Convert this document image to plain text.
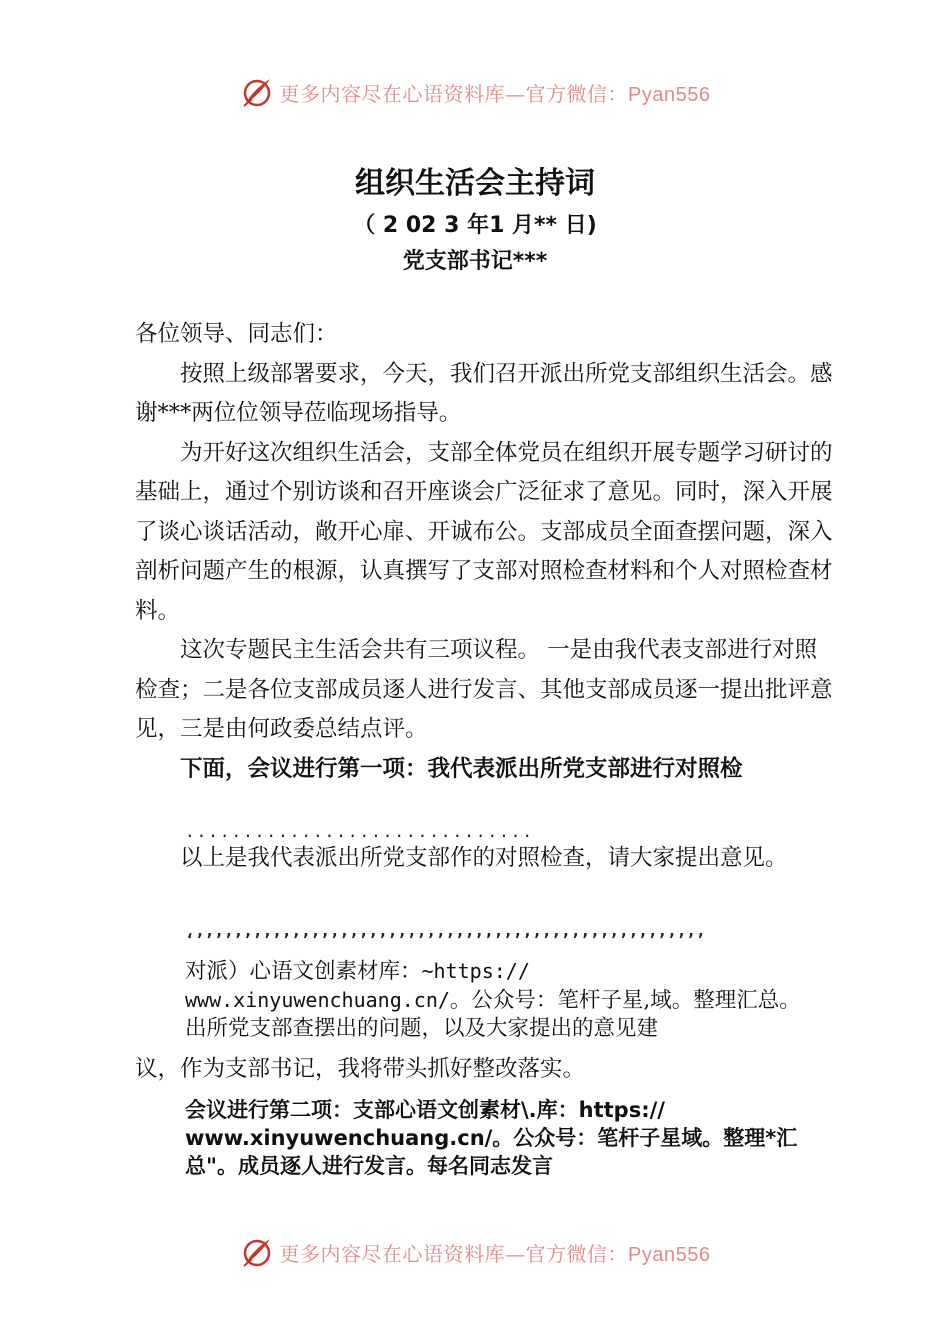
更多内容尽在心语资料库—官方微信：Pyan556
组织生活会主持词
（ 2 02 3 年1 月** 日)
党支部书记***

各位领导、同志们：

按照上级部署要求，今天，我们召开派出所党支部组织生活会。感谢***两位位领导莅临现场指导。

为开好这次组织生活会，支部全体党员在组织开展专题学习研讨的基础上，通过个别访谈和召开座谈会广泛征求了意见。同时，深入开展了谈心谈话活动，敞开心扉、开诚布公。支部成员全面查摆问题，深入剖析问题产生的根源，认真撰写了支部对照检查材料和个人对照检查材料。

这次专题民主生活会共有三项议程。 一是由我代表支部进行对照检查；二是各位支部成员逐人进行发言、其他支部成员逐一提出批评意见，三是由何政委总结点评。

下面，会议进行第一项：我代表派出所党支部进行对照检

..............................

以上是我代表派出所党支部作的对照检查，请大家提出意见。

‘’’’’’’’’’’’’’’’’’’’’’’’’’’’’’’’’’’’’’’’’’’’’’’’’’’’’’
对派）心语文创素材库：~https://
www.xinyuwenchuang.cn/。公众号：笔杆子星,域。整理汇总。
出所党支部查摆出的问题，以及大家提出的意见建

议，作为支部书记，我将带头抓好整改落实。

会议进行第二项：支部心语文创素材\.库：https://
www.xinyuwenchuang.cn/。公众号：笔杆子星域。整理*汇
总"。成员逐人进行发言。每名同志发言
更多内容尽在心语资料库—官方微信：Pyan556
